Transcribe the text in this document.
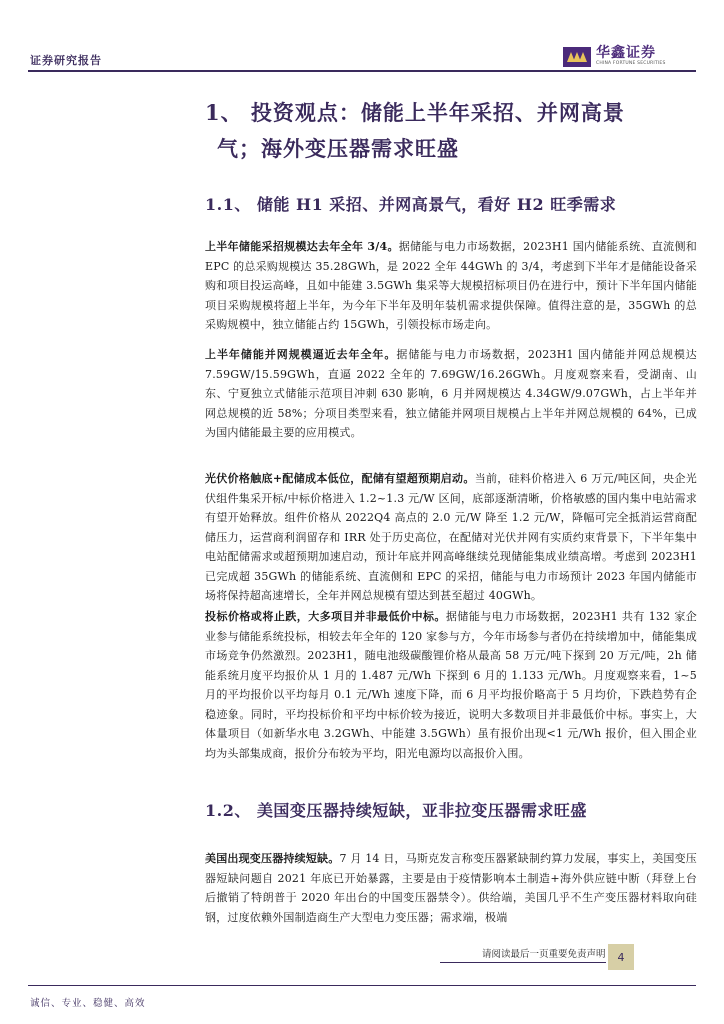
证券研究报告	华鑫证券
CHINA FORTUNE SECURITIES
1、 投资观点：储能上半年采招、并网高景
气；海外变压器需求旺盛
1.1、 储能 H1 采招、并网高景气，看好 H2 旺季需求

上半年储能采招规模达去年全年 3/4。据储能与电力市场数据，2023H1 国内储能系统、直流侧和 EPC 的总采购规模达 35.28GWh，是 2022 全年 44GWh 的 3/4，考虑到下半年才是储能设备采购和项目投运高峰，且如中能建 3.5GWh 集采等大规模招标项目仍在进行中，预计下半年国内储能项目采购规模将超上半年，为今年下半年及明年装机需求提供保障。值得注意的是，35GWh 的总采购规模中，独立储能占约 15GWh，引领投标市场走向。

上半年储能并网规模逼近去年全年。据储能与电力市场数据，2023H1 国内储能并网总规模达 7.59GW/15.59GWh，直逼 2022 全年的 7.69GW/16.26GWh。月度观察来看，受湖南、山东、宁夏独立式储能示范项目冲刺 630 影响，6 月并网规模达 4.34GW/9.07GWh，占上半年并网总规模的近 58%；分项目类型来看，独立储能并网项目规模占上半年并网总规模的 64%，已成为国内储能最主要的应用模式。

光伏价格触底+配储成本低位，配储有望超预期启动。当前，硅料价格进入 6 万元/吨区间，央企光伏组件集采开标/中标价格进入 1.2~1.3 元/W 区间，底部逐渐清晰，价格敏感的国内集中电站需求有望开始释放。组件价格从 2022Q4 高点的 2.0 元/W 降至 1.2 元/W，降幅可完全抵消运营商配储压力，运营商利润留存和 IRR 处于历史高位，在配储对光伏并网有实质约束背景下，下半年集中电站配储需求或超预期加速启动，预计年底并网高峰继续兑现储能集成业绩高增。考虑到 2023H1 已完成超 35GWh 的储能系统、直流侧和 EPC 的采招，储能与电力市场预计 2023 年国内储能市场将保持超高速增长，全年并网总规模有望达到甚至超过 40GWh。

投标价格或将止跌，大多项目并非最低价中标。据储能与电力市场数据，2023H1 共有 132 家企业参与储能系统投标，相较去年全年的 120 家参与方，今年市场参与者仍在持续增加中，储能集成市场竞争仍然激烈。2023H1，随电池级碳酸锂价格从最高 58 万元/吨下探到 20 万元/吨，2h 储能系统月度平均报价从 1 月的 1.487 元/Wh 下探到 6 月的 1.133 元/Wh。月度观察来看，1~5 月的平均报价以平均每月 0.1 元/Wh 速度下降，而 6 月平均报价略高于 5 月均价，下跌趋势有企稳迹象。同时，平均投标价和平均中标价较为接近，说明大多数项目并非最低价中标。事实上，大体量项目（如新华水电 3.2GWh、中能建 3.5GWh）虽有报价出现<1 元/Wh 报价，但入围企业均为头部集成商，报价分布较为平均，阳光电源均以高报价入围。

1.2、 美国变压器持续短缺，亚非拉变压器需求旺盛

美国出现变压器持续短缺。7 月 14 日，马斯克发言称变压器紧缺制约算力发展，事实上，美国变压器短缺问题自 2021 年底已开始暴露，主要是由于疫情影响本土制造+海外供应链中断（拜登上台后撤销了特朗普于 2020 年出台的中国变压器禁令）。供给端，美国几乎不生产变压器材料取向硅钢，过度依赖外国制造商生产大型电力变压器；需求端，极端

请阅读最后一页重要免责声明	4
诚信、专业、稳健、高效
